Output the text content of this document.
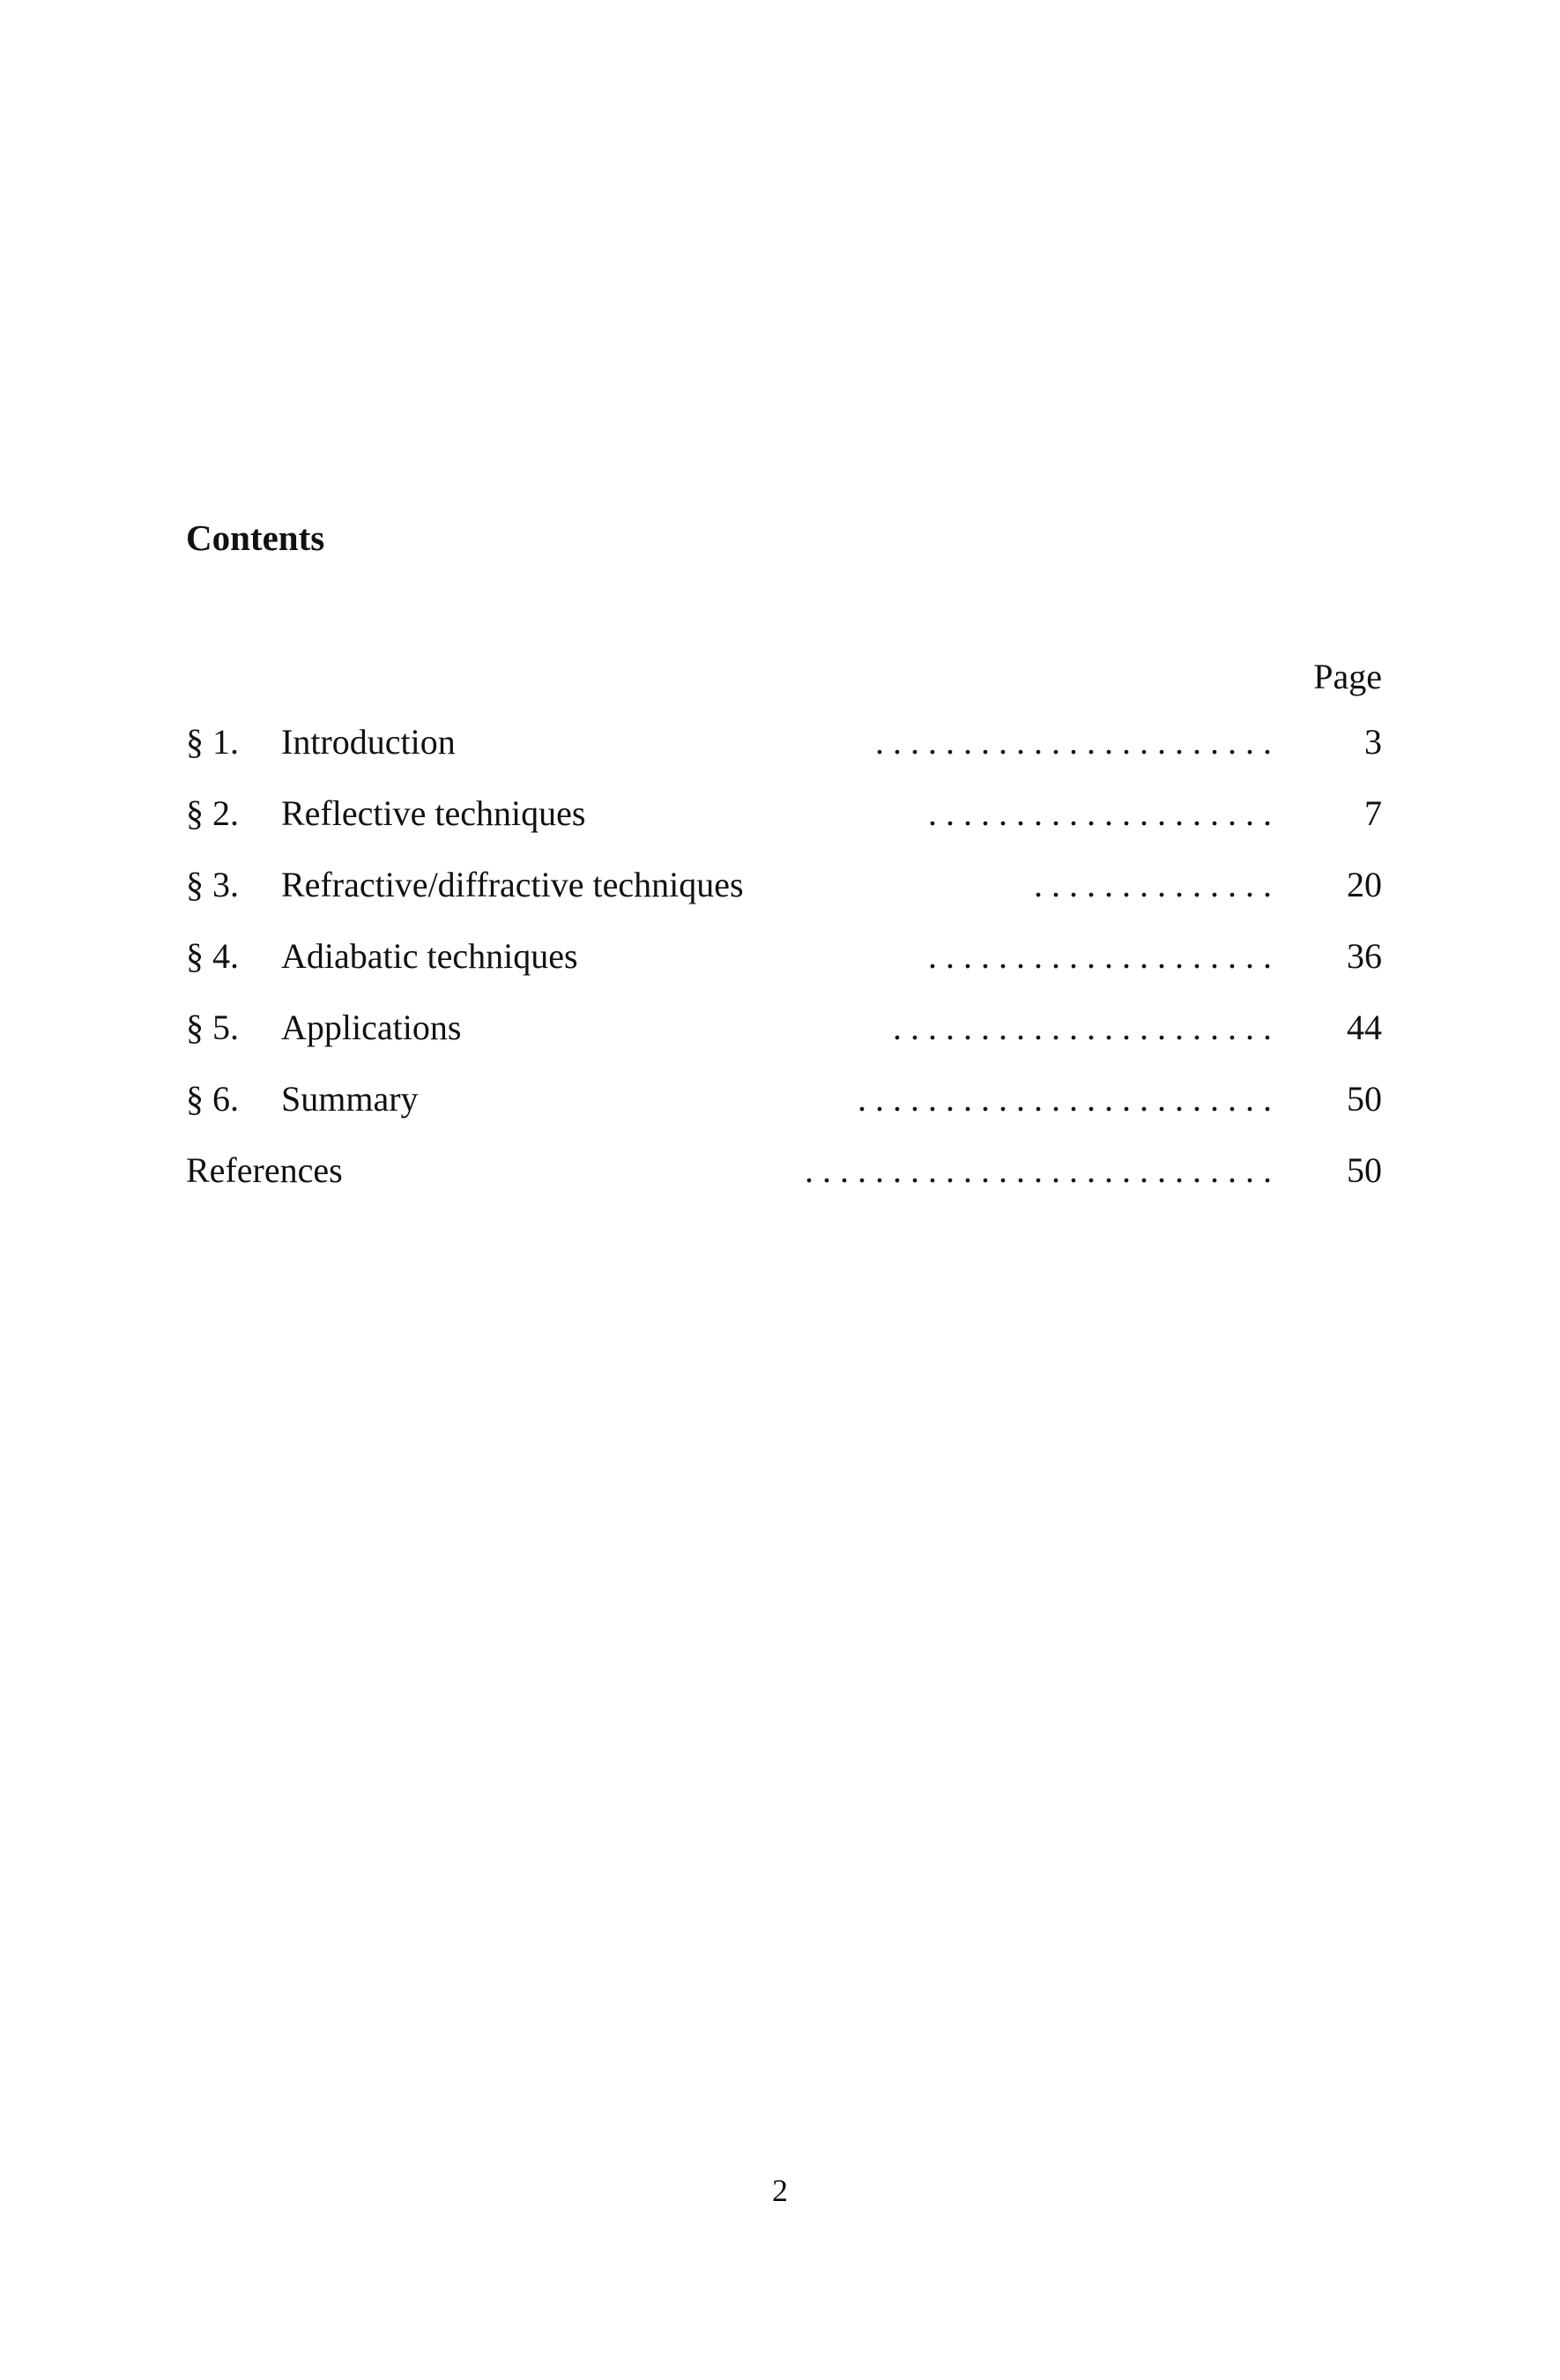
Contents
Page
§ 1. Introduction	. . . . . . . . . . . . . . . . . . . . . . .	3
§ 2. Reflective techniques	. . . . . . . . . . . . . . . . . . . .	7
§ 3. Refractive/diffractive techniques	. . . . . . . . . . . . . .	20
§ 4. Adiabatic techniques	. . . . . . . . . . . . . . . . . . . .	36
§ 5. Applications	. . . . . . . . . . . . . . . . . . . . . .	44
§ 6. Summary	. . . . . . . . . . . . . . . . . . . . . . . .	50
References	. . . . . . . . . . . . . . . . . . . . . . . . . . .	50
2
